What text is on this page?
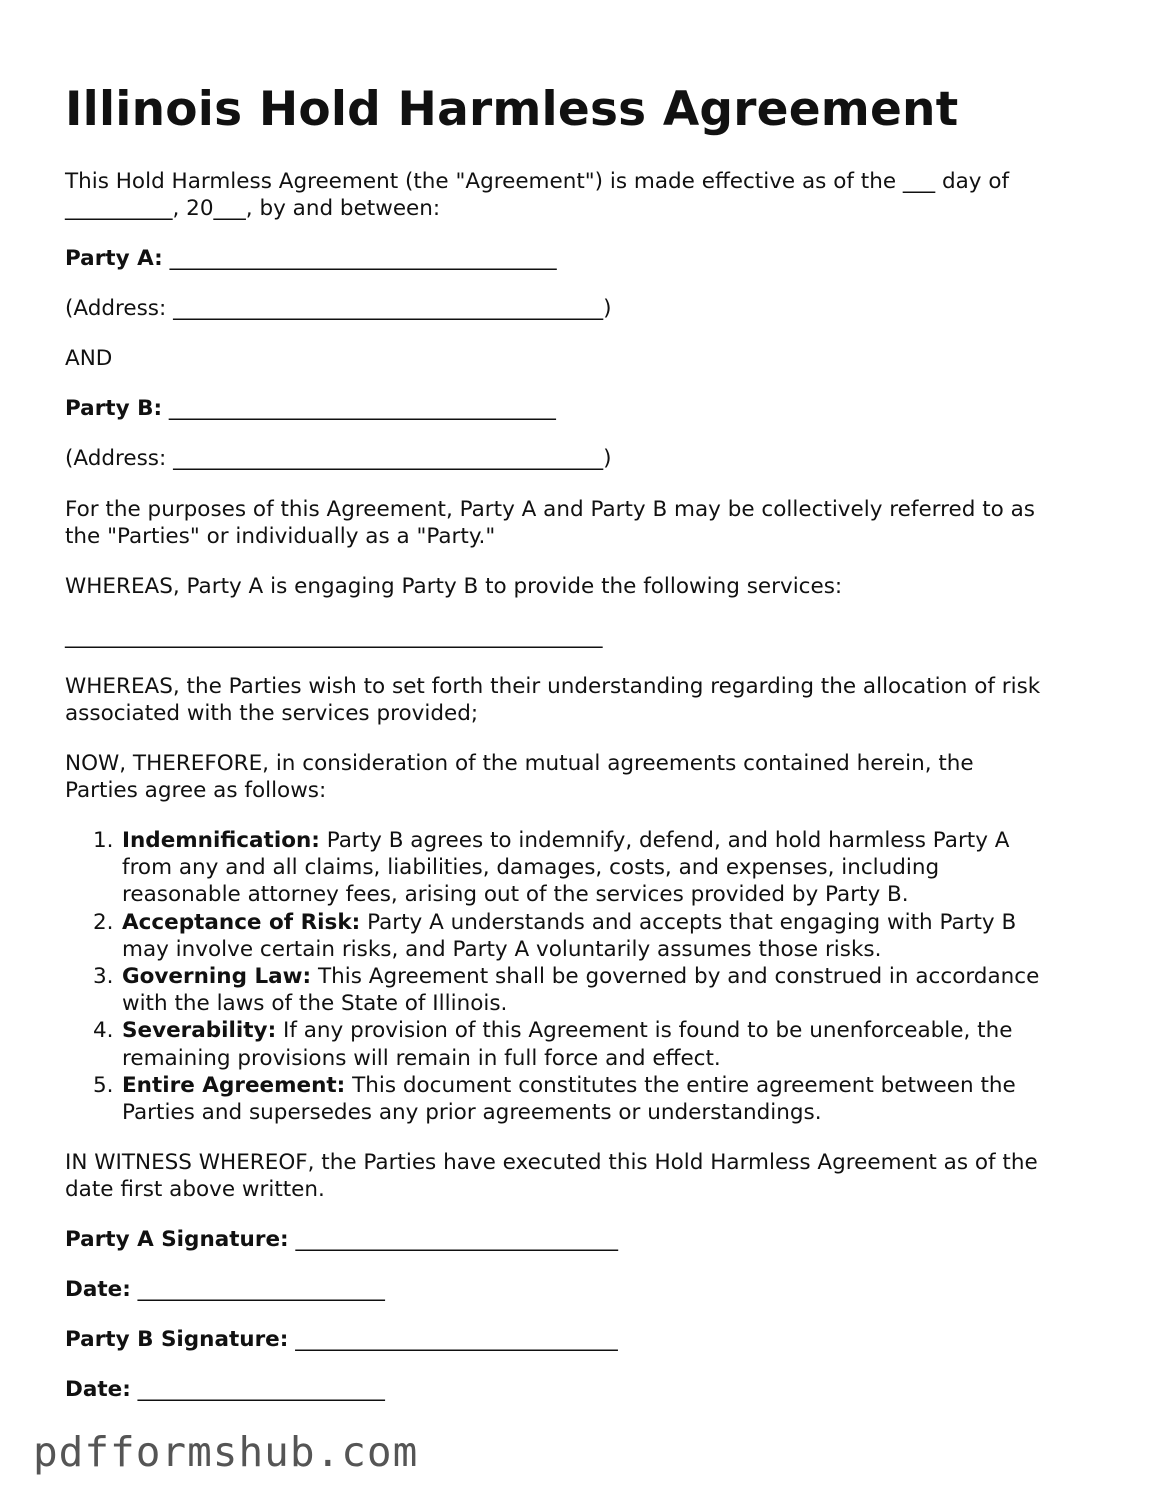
Illinois Hold Harmless Agreement
This Hold Harmless Agreement (the "Agreement") is made effective as of the ___ day of
__________, 20___, by and between:
Party A: ____________________________________
(Address: ________________________________________)
AND
Party B: ____________________________________
(Address: ________________________________________)
For the purposes of this Agreement, Party A and Party B may be collectively referred to as
the "Parties" or individually as a "Party."
WHEREAS, Party A is engaging Party B to provide the following services:
__________________________________________________
WHEREAS, the Parties wish to set forth their understanding regarding the allocation of risk
associated with the services provided;
NOW, THEREFORE, in consideration of the mutual agreements contained herein, the
Parties agree as follows:
1. Indemnification: Party B agrees to indemnify, defend, and hold harmless Party A
from any and all claims, liabilities, damages, costs, and expenses, including
reasonable attorney fees, arising out of the services provided by Party B.
2. Acceptance of Risk: Party A understands and accepts that engaging with Party B
may involve certain risks, and Party A voluntarily assumes those risks.
3. Governing Law: This Agreement shall be governed by and construed in accordance
with the laws of the State of Illinois.
4. Severability: If any provision of this Agreement is found to be unenforceable, the
remaining provisions will remain in full force and effect.
5. Entire Agreement: This document constitutes the entire agreement between the
Parties and supersedes any prior agreements or understandings.
IN WITNESS WHEREOF, the Parties have executed this Hold Harmless Agreement as of the
date first above written.
Party A Signature: ______________________________
Date: _______________________
Party B Signature: ______________________________
Date: _______________________
pdfformshub.com
